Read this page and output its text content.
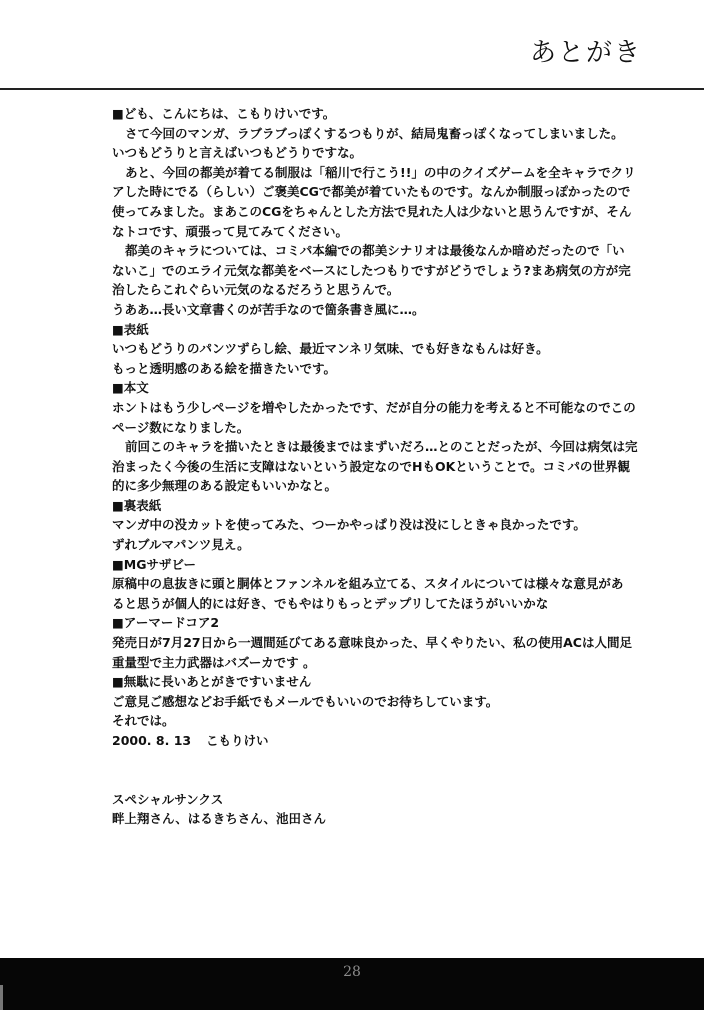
あとがき
■ども、こんにちは、こもりけいです。
さて今回のマンガ、ラブラブっぽくするつもりが、結局鬼畜っぽくなってしまいました。
いつもどうりと言えばいつもどうりですな。
あと、今回の都美が着てる制服は「稲川で行こう!!」の中のクイズゲームを全キャラでクリ
アした時にでる（らしい）ご褒美CGで都美が着ていたものです。なんか制服っぽかったので
使ってみました。まあこのCGをちゃんとした方法で見れた人は少ないと思うんですが、そん
なトコです、頑張って見てみてください。
都美のキャラについては、コミパ本編での都美シナリオは最後なんか暗めだったので「い
ないこ」でのエライ元気な都美をベースにしたつもりですがどうでしょう?まあ病気の方が完
治したらこれぐらい元気のなるだろうと思うんで。
うああ…長い文章書くのが苦手なので箇条書き風に…。
■表紙
いつもどうりのパンツずらし絵、最近マンネリ気味、でも好きなもんは好き。
もっと透明感のある絵を描きたいです。
■本文
ホントはもう少しページを増やしたかったです、だが自分の能力を考えると不可能なのでこの
ページ数になりました。
前回このキャラを描いたときは最後まではまずいだろ…とのことだったが、今回は病気は完
治まったく今後の生活に支障はないという設定なのでHもOKということで。コミパの世界観
的に多少無理のある設定もいいかなと。
■裏表紙
マンガ中の没カットを使ってみた、つーかやっぱり没は没にしときゃ良かったです。
ずれブルマパンツ見え。
■MGサザビー
原稿中の息抜きに頭と胴体とファンネルを組み立てる、スタイルについては様々な意見があ
ると思うが個人的には好き、でもやはりもっとデップリしてたほうがいいかな
■アーマードコア2
発売日が7月27日から一週間延びてある意味良かった、早くやりたい、私の使用ACは人間足
重量型で主力武器はバズーカです 。
■無駄に長いあとがきですいません
ご意見ご感想などお手紙でもメールでもいいのでお待ちしています。
それでは。
2000. 8. 13 こもりけい
スペシャルサンクス
畔上翔さん、はるきちさん、池田さん
28
